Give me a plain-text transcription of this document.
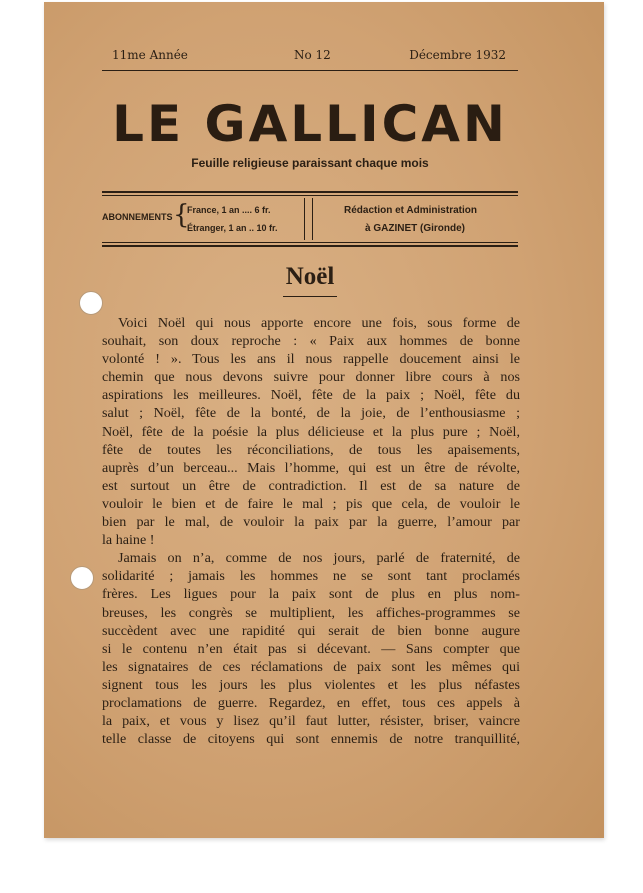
11me Année	No 12	Décembre 1932
LE GALLICAN
Feuille religieuse paraissant chaque mois
ABONNEMENTS {
France, 1 an .... 6 fr.
Étranger, 1 an .. 10 fr.
Rédaction et Administration
à GAZINET (Gironde)
Noël

Voici Noël qui nous apporte encore une fois, sous forme de

souhait, son doux reproche : « Paix aux hommes de bonne

volonté ! ». Tous les ans il nous rappelle doucement ainsi le

chemin que nous devons suivre pour donner libre cours à nos

aspirations les meilleures. Noël, fête de la paix ; Noël, fête du

salut ; Noël, fête de la bonté, de la joie, de l’enthousiasme ;

Noël, fête de la poésie la plus délicieuse et la plus pure ; Noël,

fête de toutes les réconciliations, de tous les apaisements,

auprès d’un berceau... Mais l’homme, qui est un être de révolte,

est surtout un être de contradiction. Il est de sa nature de

vouloir le bien et de faire le mal ; pis que cela, de vouloir le

bien par le mal, de vouloir la paix par la guerre, l’amour par

la haine !

Jamais on n’a, comme de nos jours, parlé de fraternité, de

solidarité ; jamais les hommes ne se sont tant proclamés

frères. Les ligues pour la paix sont de plus en plus nom-

breuses, les congrès se multiplient, les affiches-programmes se

succèdent avec une rapidité qui serait de bien bonne augure

si le contenu n’en était pas si décevant. — Sans compter que

les signataires de ces réclamations de paix sont les mêmes qui

signent tous les jours les plus violentes et les plus néfastes

proclamations de guerre. Regardez, en effet, tous ces appels à

la paix, et vous y lisez qu’il faut lutter, résister, briser, vaincre

telle classe de citoyens qui sont ennemis de notre tranquillité,
